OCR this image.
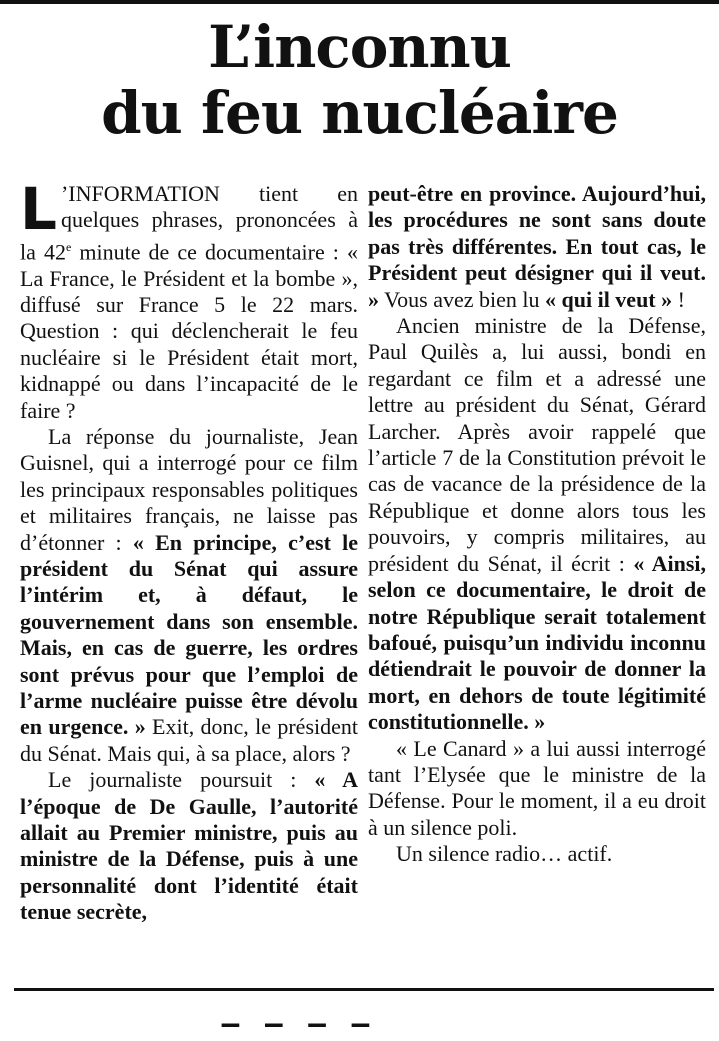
L’inconnu
du feu nucléaire

L ’INFORMATION tient en quelques phrases, prononcées à la 42e minute de ce documentaire : « La France, le Président et la bombe », diffusé sur France 5 le 22 mars. Question : qui déclencherait le feu nucléaire si le Président était mort, kidnappé ou dans l’incapacité de le faire ?

La réponse du journaliste, Jean Guisnel, qui a interrogé pour ce film les principaux responsables politiques et militaires français, ne laisse pas d’étonner : « En principe, c’est le président du Sénat qui assure l’intérim et, à défaut, le gouvernement dans son ensemble. Mais, en cas de guerre, les ordres sont prévus pour que l’emploi de l’arme nucléaire puisse être dévolu en urgence. » Exit, donc, le président du Sénat. Mais qui, à sa place, alors ?

Le journaliste poursuit : « A l’époque de De Gaulle, l’autorité allait au Premier ministre, puis au ministre de la Défense, puis à une personnalité dont l’identité était tenue secrète,

peut-être en province. Aujourd’hui, les procédures ne sont sans doute pas très différentes. En tout cas, le Président peut désigner qui il veut. » Vous avez bien lu « qui il veut » !

Ancien ministre de la Défense, Paul Quilès a, lui aussi, bondi en regardant ce film et a adressé une lettre au président du Sénat, Gérard Larcher. Après avoir rappelé que l’article 7 de la Constitution prévoit le cas de vacance de la présidence de la République et donne alors tous les pouvoirs, y compris militaires, au président du Sénat, il écrit : « Ainsi, selon ce documentaire, le droit de notre République serait totalement bafoué, puisqu’un individu inconnu détiendrait le pouvoir de donner la mort, en dehors de toute légitimité constitutionnelle. »

« Le Canard » a lui aussi interrogé tant l’Elysée que le ministre de la Défense. Pour le moment, il a eu droit à un silence poli.

Un silence radio… actif.

‒ ‒ ‒ ‒
